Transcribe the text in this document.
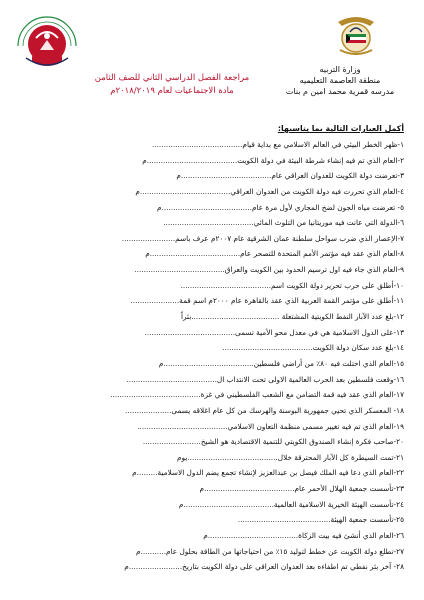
وزارة التربيه
منطقة العاصمة التعليميه
مدرسه قمرية محمد امين م بنات
مراجعة الفصل الدراسي الثاني للصف الثامن
مادة الاجتماعيات لعام ٢٠١٨/٢٠١٩م
أكمل العبارات التالية بما يناسبها:
١-ظهر الخطر البيئي في العالم الاسلامي مع بداية قيام.......................................
٢-العام الذي تم فيه إنشاء شرطة البيئة في دولة الكويت.......................................م
٣-تعرضت دولة الكويت للعدوان العراقي عام.......................................م
٤-العام الذي تحررت فيه دولة الكويت من العدوان العراقي.......................................م
٥- تعرضت مياه الجون لضخ المجاري لأول مرة عام.......................................م
٦-الدولة التي عانت فيه موريتانيا من التلوث المائي.......................................
٧-الإعصار الذي ضرب سواحل سلطنة عمان الشرقية عام ٢٠٠٧م عرف باسم.......................
٨-العام الذي عقد فيه مؤتمر الأمم المتحدة للتصحر عام.......................................م
٩-العام الذي جاء فيه اول ترسيم الحدود بين الكويت والعراق.......................................
١٠-أطلق على حرب تحرير دولة الكويت اسم.......................................
١١-أطلق على مؤتمر القمة العربية الذي عقد بالقاهرة عام ٢٠٠٠م اسم قمة.....................
١٢-بلغ عدد الآبار النفط الكويتية المشتعلة ......................................بئراً
١٣-على الدول الاسلامية هي في معدل محو الأمية تسمى.......................................
١٤-بلغ عدد سكان دولة الكويت.......................................
١٥-العام الذي احتلت فيه ٨٠٪ من أراضي فلسطين.......................................م
١٦-وقعت فلسطين بعد الحرب العالمية الاولى تحت الانتداب ال.......................................
١٧-العام الذي عقد فيه قمة التضامن مع الشعب الفلسطيني في غزة.......................................
١٨- المعسكر الذي تحيي جمهورية البوسنة والهرسك من كل عام اغلاقه يسمى....................
١٩-العام الذي تم فيه تغيير مسمى منظمة التعاون الاسلامي.......................................
٢٠-صاحب فكرة إنشاء الصندوق الكويتي للتنمية الاقتصادية هو الشيخ.........................
٢١-تمت السيطرة كل الآبار المحترقة خلال.......................................يوم
٢٢-العام الذي دعا فيه الملك فيصل بن عبدالعزيز لإنشاء تجمع يضم الدول الاسلامية.........م
٢٣-تأسست جمعية الهلال الأحمر عام.......................................م
٢٤-تأسست الهيئة الخيرية الاسلامية العالمية.......................................م
٢٥-تأسست جمعية الهيئة........................................
٢٦-العام الذي أنشئ فيه بيت الزكاة.......................................م
٢٧-تطلع دولة الكويت عن خطط لتوليد ١٥٪ من احتياجاتها من الطاقة بحلول عام...........م
٢٨- آخر بئر نفطي تم اطفاءه بعد العدوان العراقي على دولة الكويت بتاريخ.......................م
